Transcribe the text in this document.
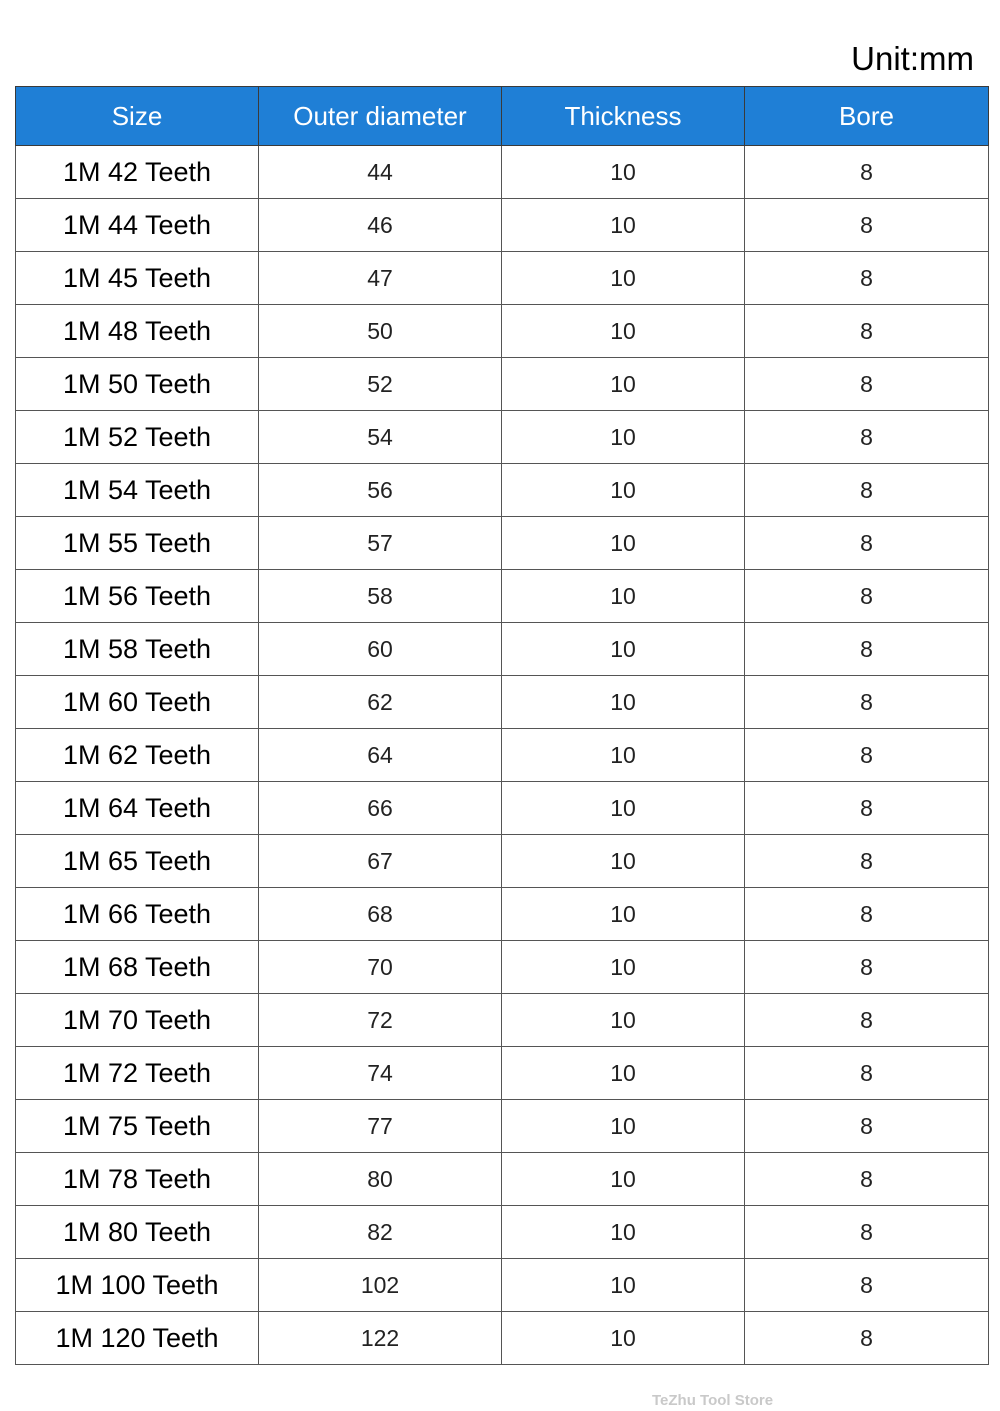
Unit:mm
Size	Outer diameter	Thickness	Bore
1M 42 Teeth	44	10	8
1M 44 Teeth	46	10	8
1M 45 Teeth	47	10	8
1M 48 Teeth	50	10	8
1M 50 Teeth	52	10	8
1M 52 Teeth	54	10	8
1M 54 Teeth	56	10	8
1M 55 Teeth	57	10	8
1M 56 Teeth	58	10	8
1M 58 Teeth	60	10	8
1M 60 Teeth	62	10	8
1M 62 Teeth	64	10	8
1M 64 Teeth	66	10	8
1M 65 Teeth	67	10	8
1M 66 Teeth	68	10	8
1M 68 Teeth	70	10	8
1M 70 Teeth	72	10	8
1M 72 Teeth	74	10	8
1M 75 Teeth	77	10	8
1M 78 Teeth	80	10	8
1M 80 Teeth	82	10	8
1M 100 Teeth	102	10	8
1M 120 Teeth	122	10	8
TeZhu Tool Store
